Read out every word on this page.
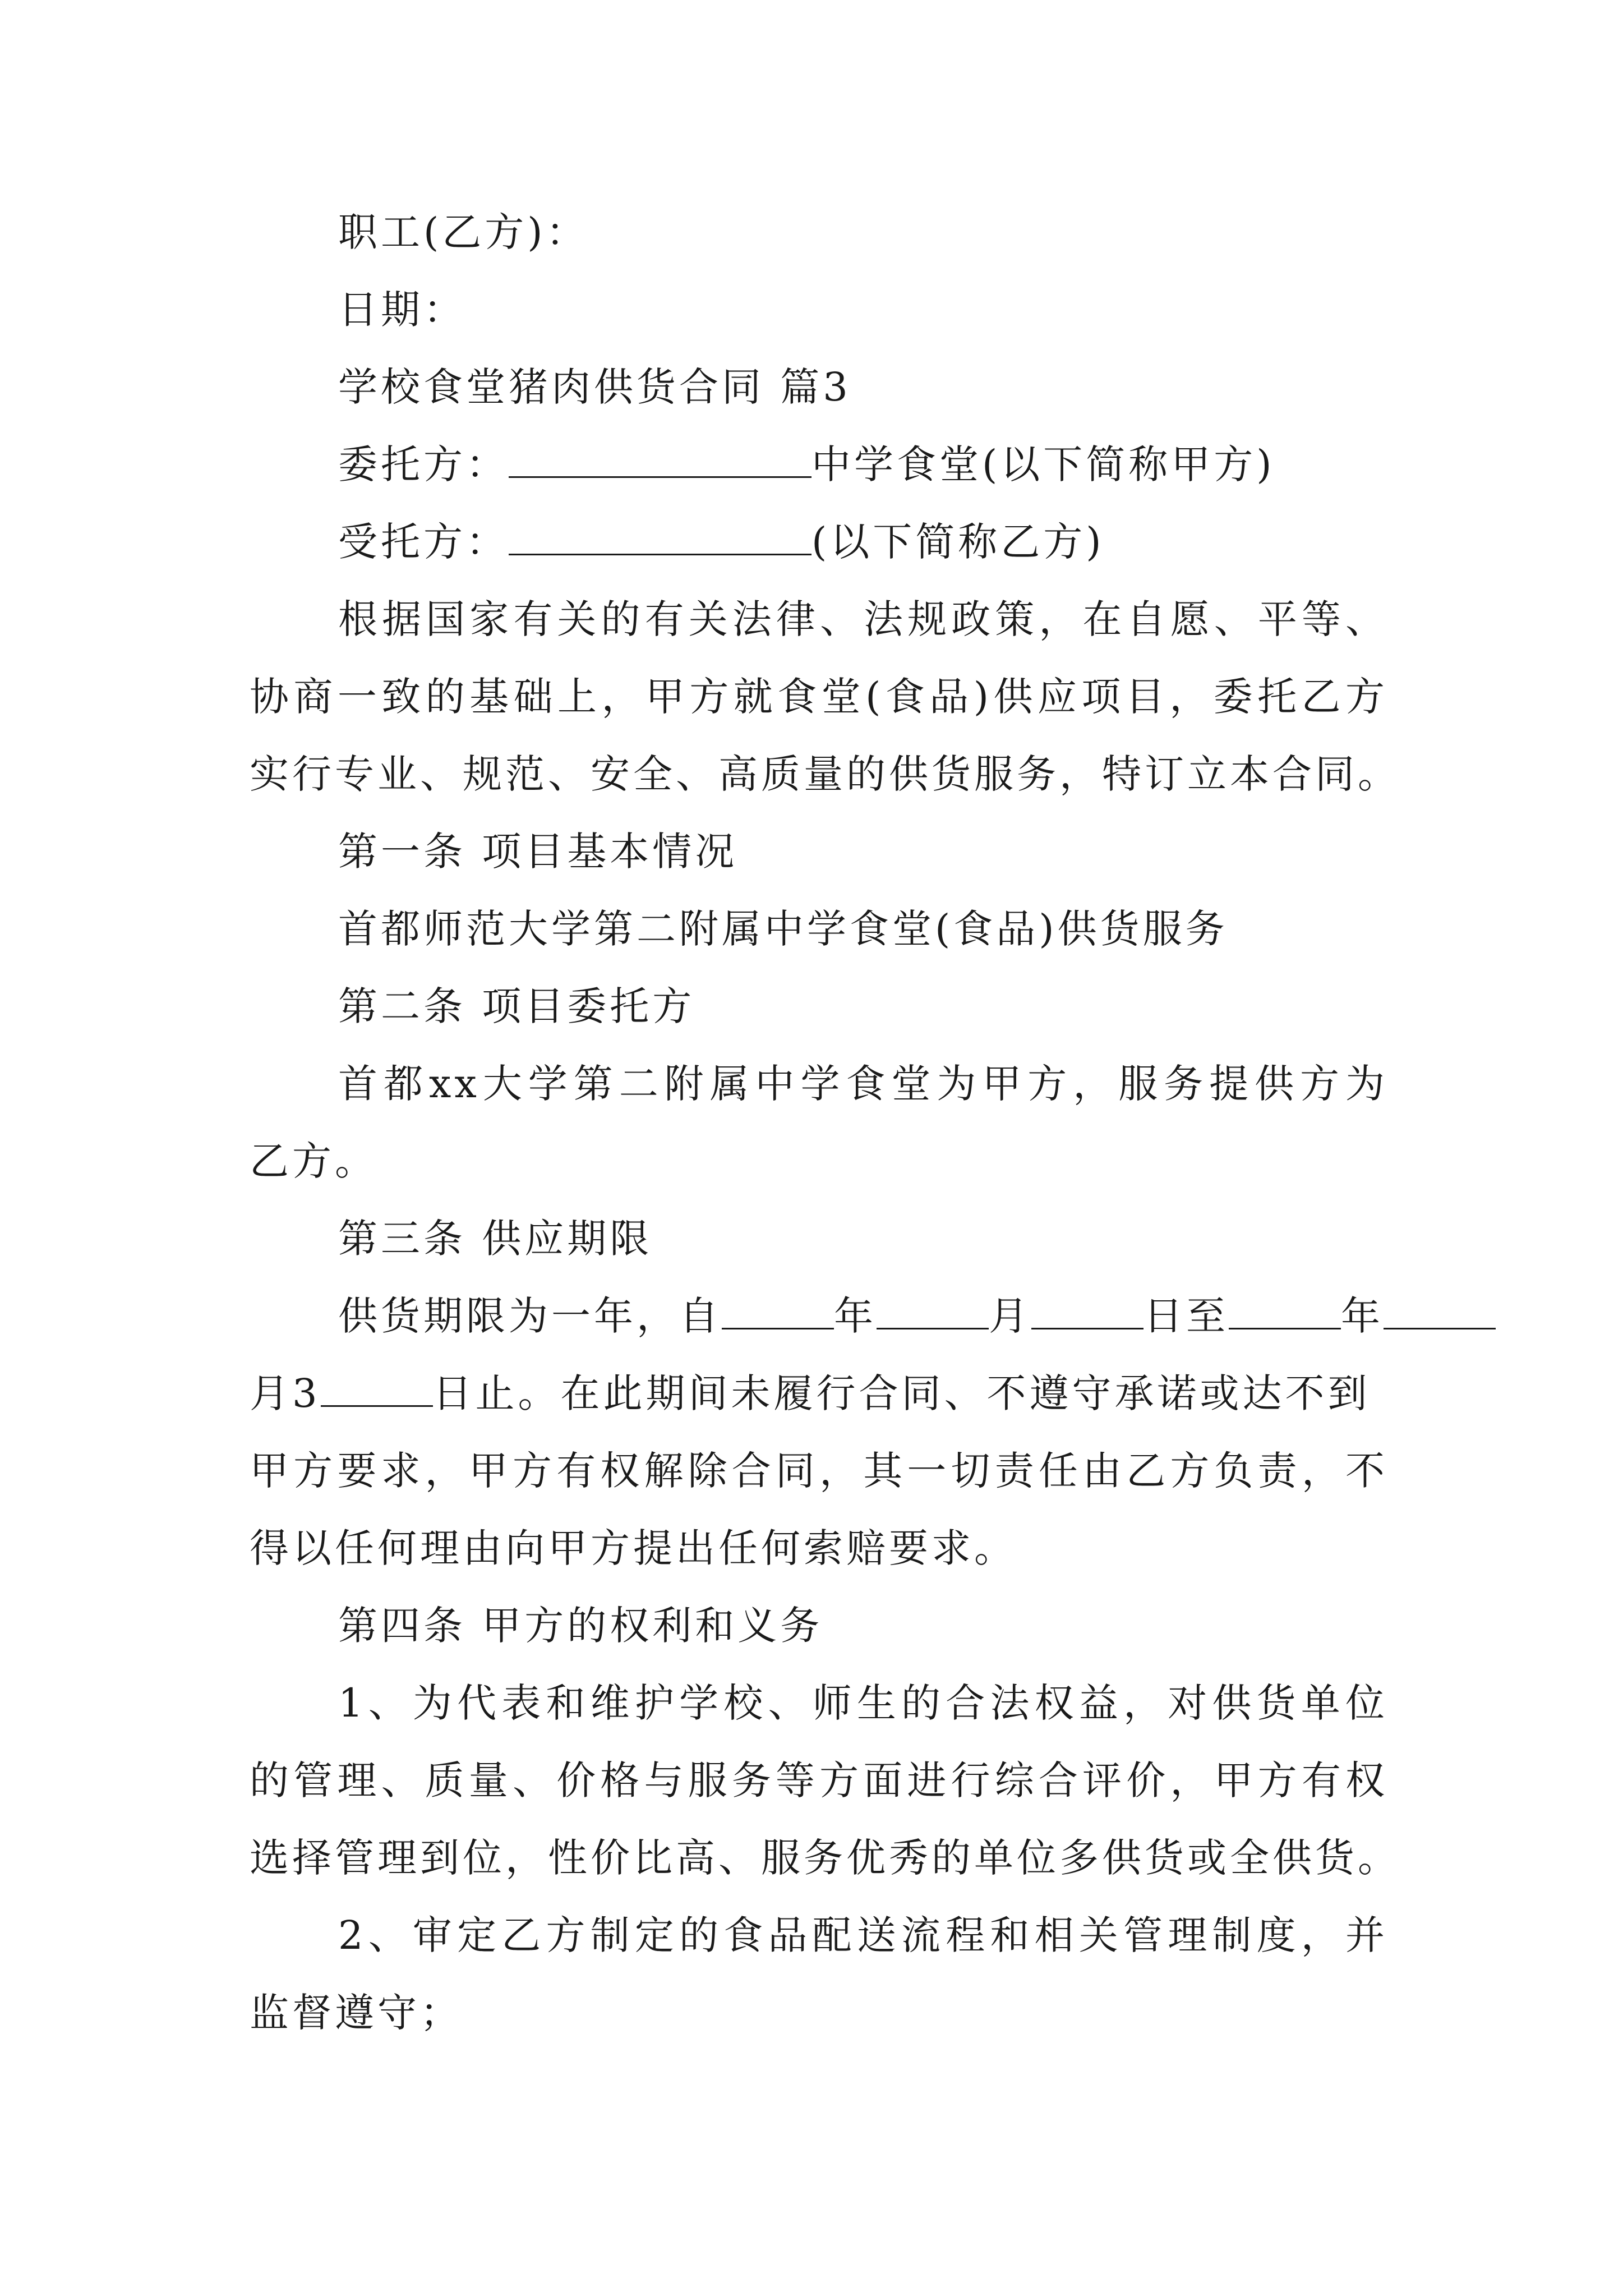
职工(乙方)：
日期：
学校食堂猪肉供货合同 篇3
委托方：	中学食堂(以下简称甲方)
受托方：	(以下简称乙方)
根据国家有关的有关法律、法规政策，在自愿、平等、
协商一致的基础上，甲方就食堂(食品)供应项目，委托乙方
实行专业、规范、安全、高质量的供货服务，特订立本合同。
第一条 项目基本情况
首都师范大学第二附属中学食堂(食品)供货服务
第二条 项目委托方
首都xx大学第二附属中学食堂为甲方，服务提供方为
乙方。
第三条 供应期限
供货期限为一年，自	年	月	日至	年
月3	日止。在此期间未履行合同、不遵守承诺或达不到
甲方要求，甲方有权解除合同，其一切责任由乙方负责，不
得以任何理由向甲方提出任何索赔要求。
第四条 甲方的权利和义务
1、为代表和维护学校、师生的合法权益，对供货单位
的管理、质量、价格与服务等方面进行综合评价，甲方有权
选择管理到位，性价比高、服务优秀的单位多供货或全供货。
2、审定乙方制定的食品配送流程和相关管理制度，并
监督遵守；
